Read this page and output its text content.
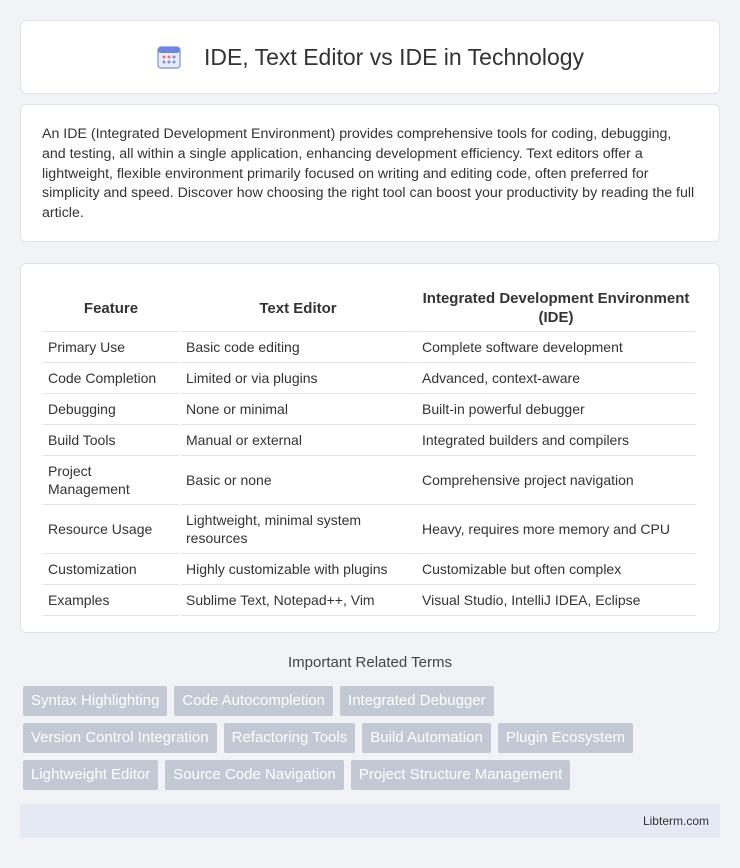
IDE, Text Editor vs IDE in Technology

An IDE (Integrated Development Environment) provides comprehensive tools for coding, debugging, and testing, all within a single application, enhancing development efficiency. Text editors offer a lightweight, flexible environment primarily focused on writing and editing code, often preferred for simplicity and speed. Discover how choosing the right tool can boost your productivity by reading the full article.

Feature	Text Editor	Integrated Development Environment (IDE)
Primary Use	Basic code editing	Complete software development
Code Completion	Limited or via plugins	Advanced, context-aware
Debugging	None or minimal	Built-in powerful debugger
Build Tools	Manual or external	Integrated builders and compilers
Project Management	Basic or none	Comprehensive project navigation
Resource Usage	Lightweight, minimal system resources	Heavy, requires more memory and CPU
Customization	Highly customizable with plugins	Customizable but often complex
Examples	Sublime Text, Notepad++, Vim	Visual Studio, IntelliJ IDEA, Eclipse
Important Related Terms
Syntax Highlighting	Code Autocompletion	Integrated Debugger
Version Control Integration	Refactoring Tools	Build Automation	Plugin Ecosystem
Lightweight Editor	Source Code Navigation	Project Structure Management
Libterm.com
